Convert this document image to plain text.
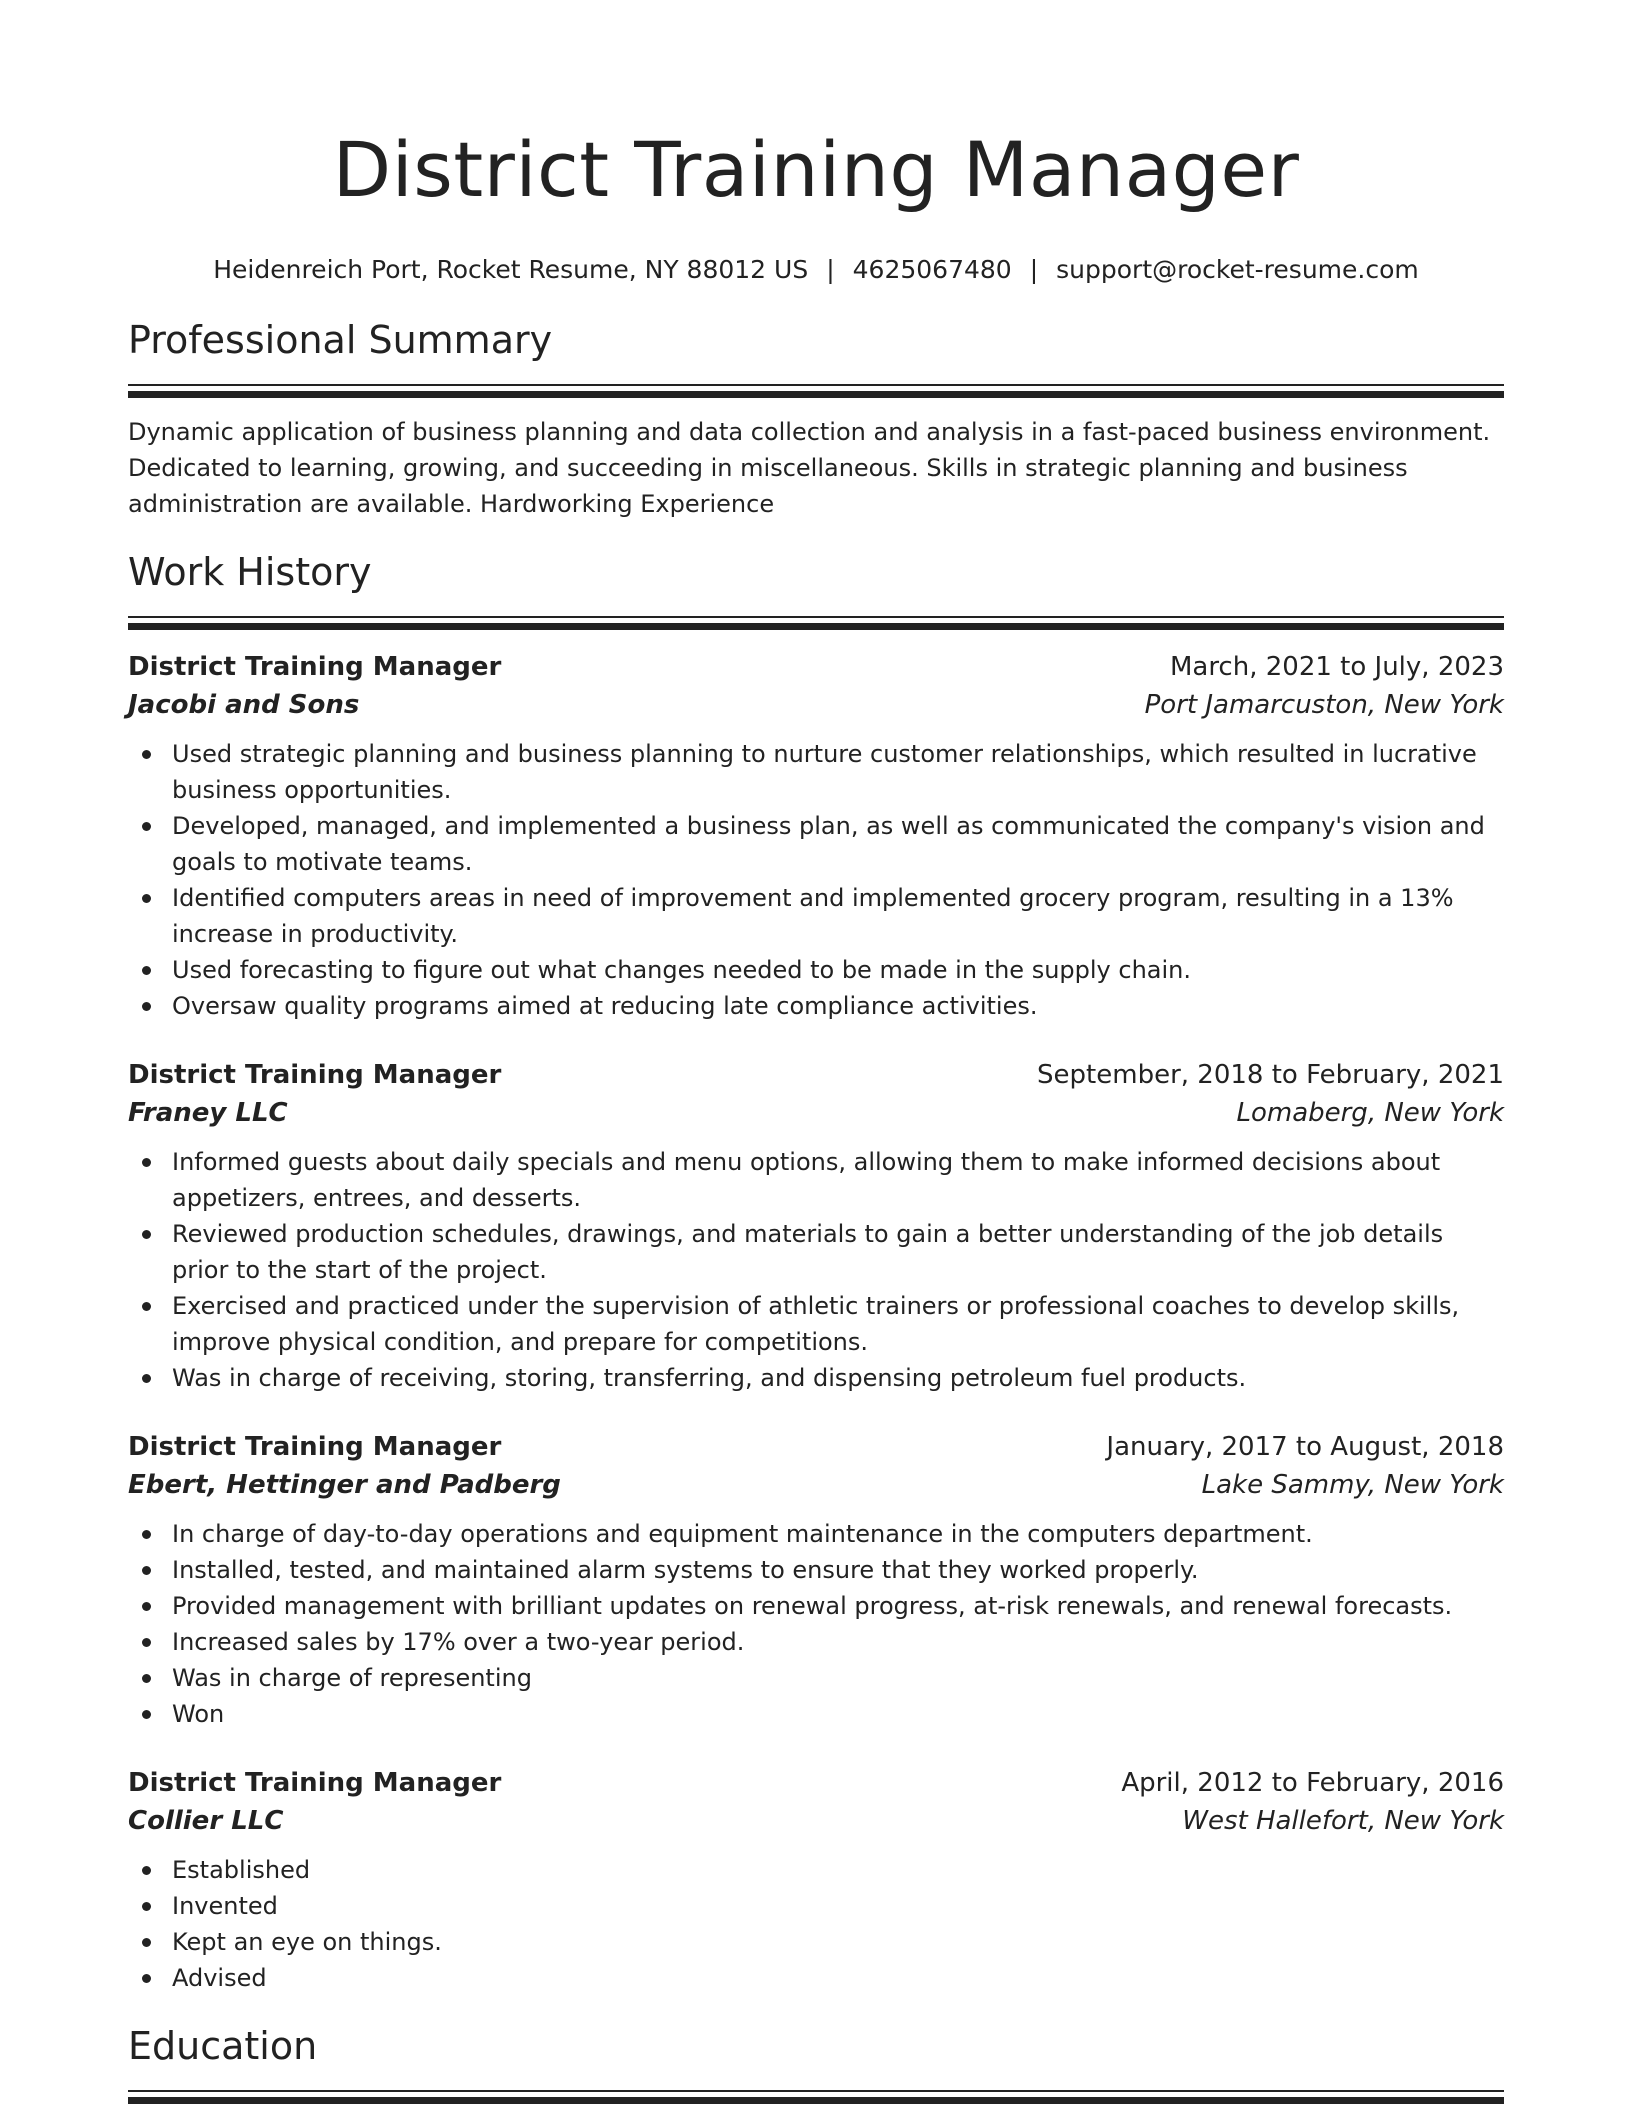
District Training Manager
Heidenreich Port, Rocket Resume, NY 88012 US | 4625067480 | support@rocket-resume.com
Professional Summary
Dynamic application of business planning and data collection and analysis in a fast-paced business environment. Dedicated to learning, growing, and succeeding in miscellaneous. Skills in strategic planning and business administration are available. Hardworking Experience
Work History
District Training Manager	March, 2021 to July, 2023
Jacobi and Sons	Port Jamarcuston, New York
Used strategic planning and business planning to nurture customer relationships, which resulted in lucrative business opportunities.
Developed, managed, and implemented a business plan, as well as communicated the company's vision and goals to motivate teams.
Identified computers areas in need of improvement and implemented grocery program, resulting in a 13% increase in productivity.
Used forecasting to figure out what changes needed to be made in the supply chain.
Oversaw quality programs aimed at reducing late compliance activities.
District Training Manager	September, 2018 to February, 2021
Franey LLC	Lomaberg, New York
Informed guests about daily specials and menu options, allowing them to make informed decisions about appetizers, entrees, and desserts.
Reviewed production schedules, drawings, and materials to gain a better understanding of the job details prior to the start of the project.
Exercised and practiced under the supervision of athletic trainers or professional coaches to develop skills, improve physical condition, and prepare for competitions.
Was in charge of receiving, storing, transferring, and dispensing petroleum fuel products.
District Training Manager	January, 2017 to August, 2018
Ebert, Hettinger and Padberg	Lake Sammy, New York
In charge of day-to-day operations and equipment maintenance in the computers department.
Installed, tested, and maintained alarm systems to ensure that they worked properly.
Provided management with brilliant updates on renewal progress, at-risk renewals, and renewal forecasts.
Increased sales by 17% over a two-year period.
Was in charge of representing
Won
District Training Manager	April, 2012 to February, 2016
Collier LLC	West Hallefort, New York
Established
Invented
Kept an eye on things.
Advised
Education
